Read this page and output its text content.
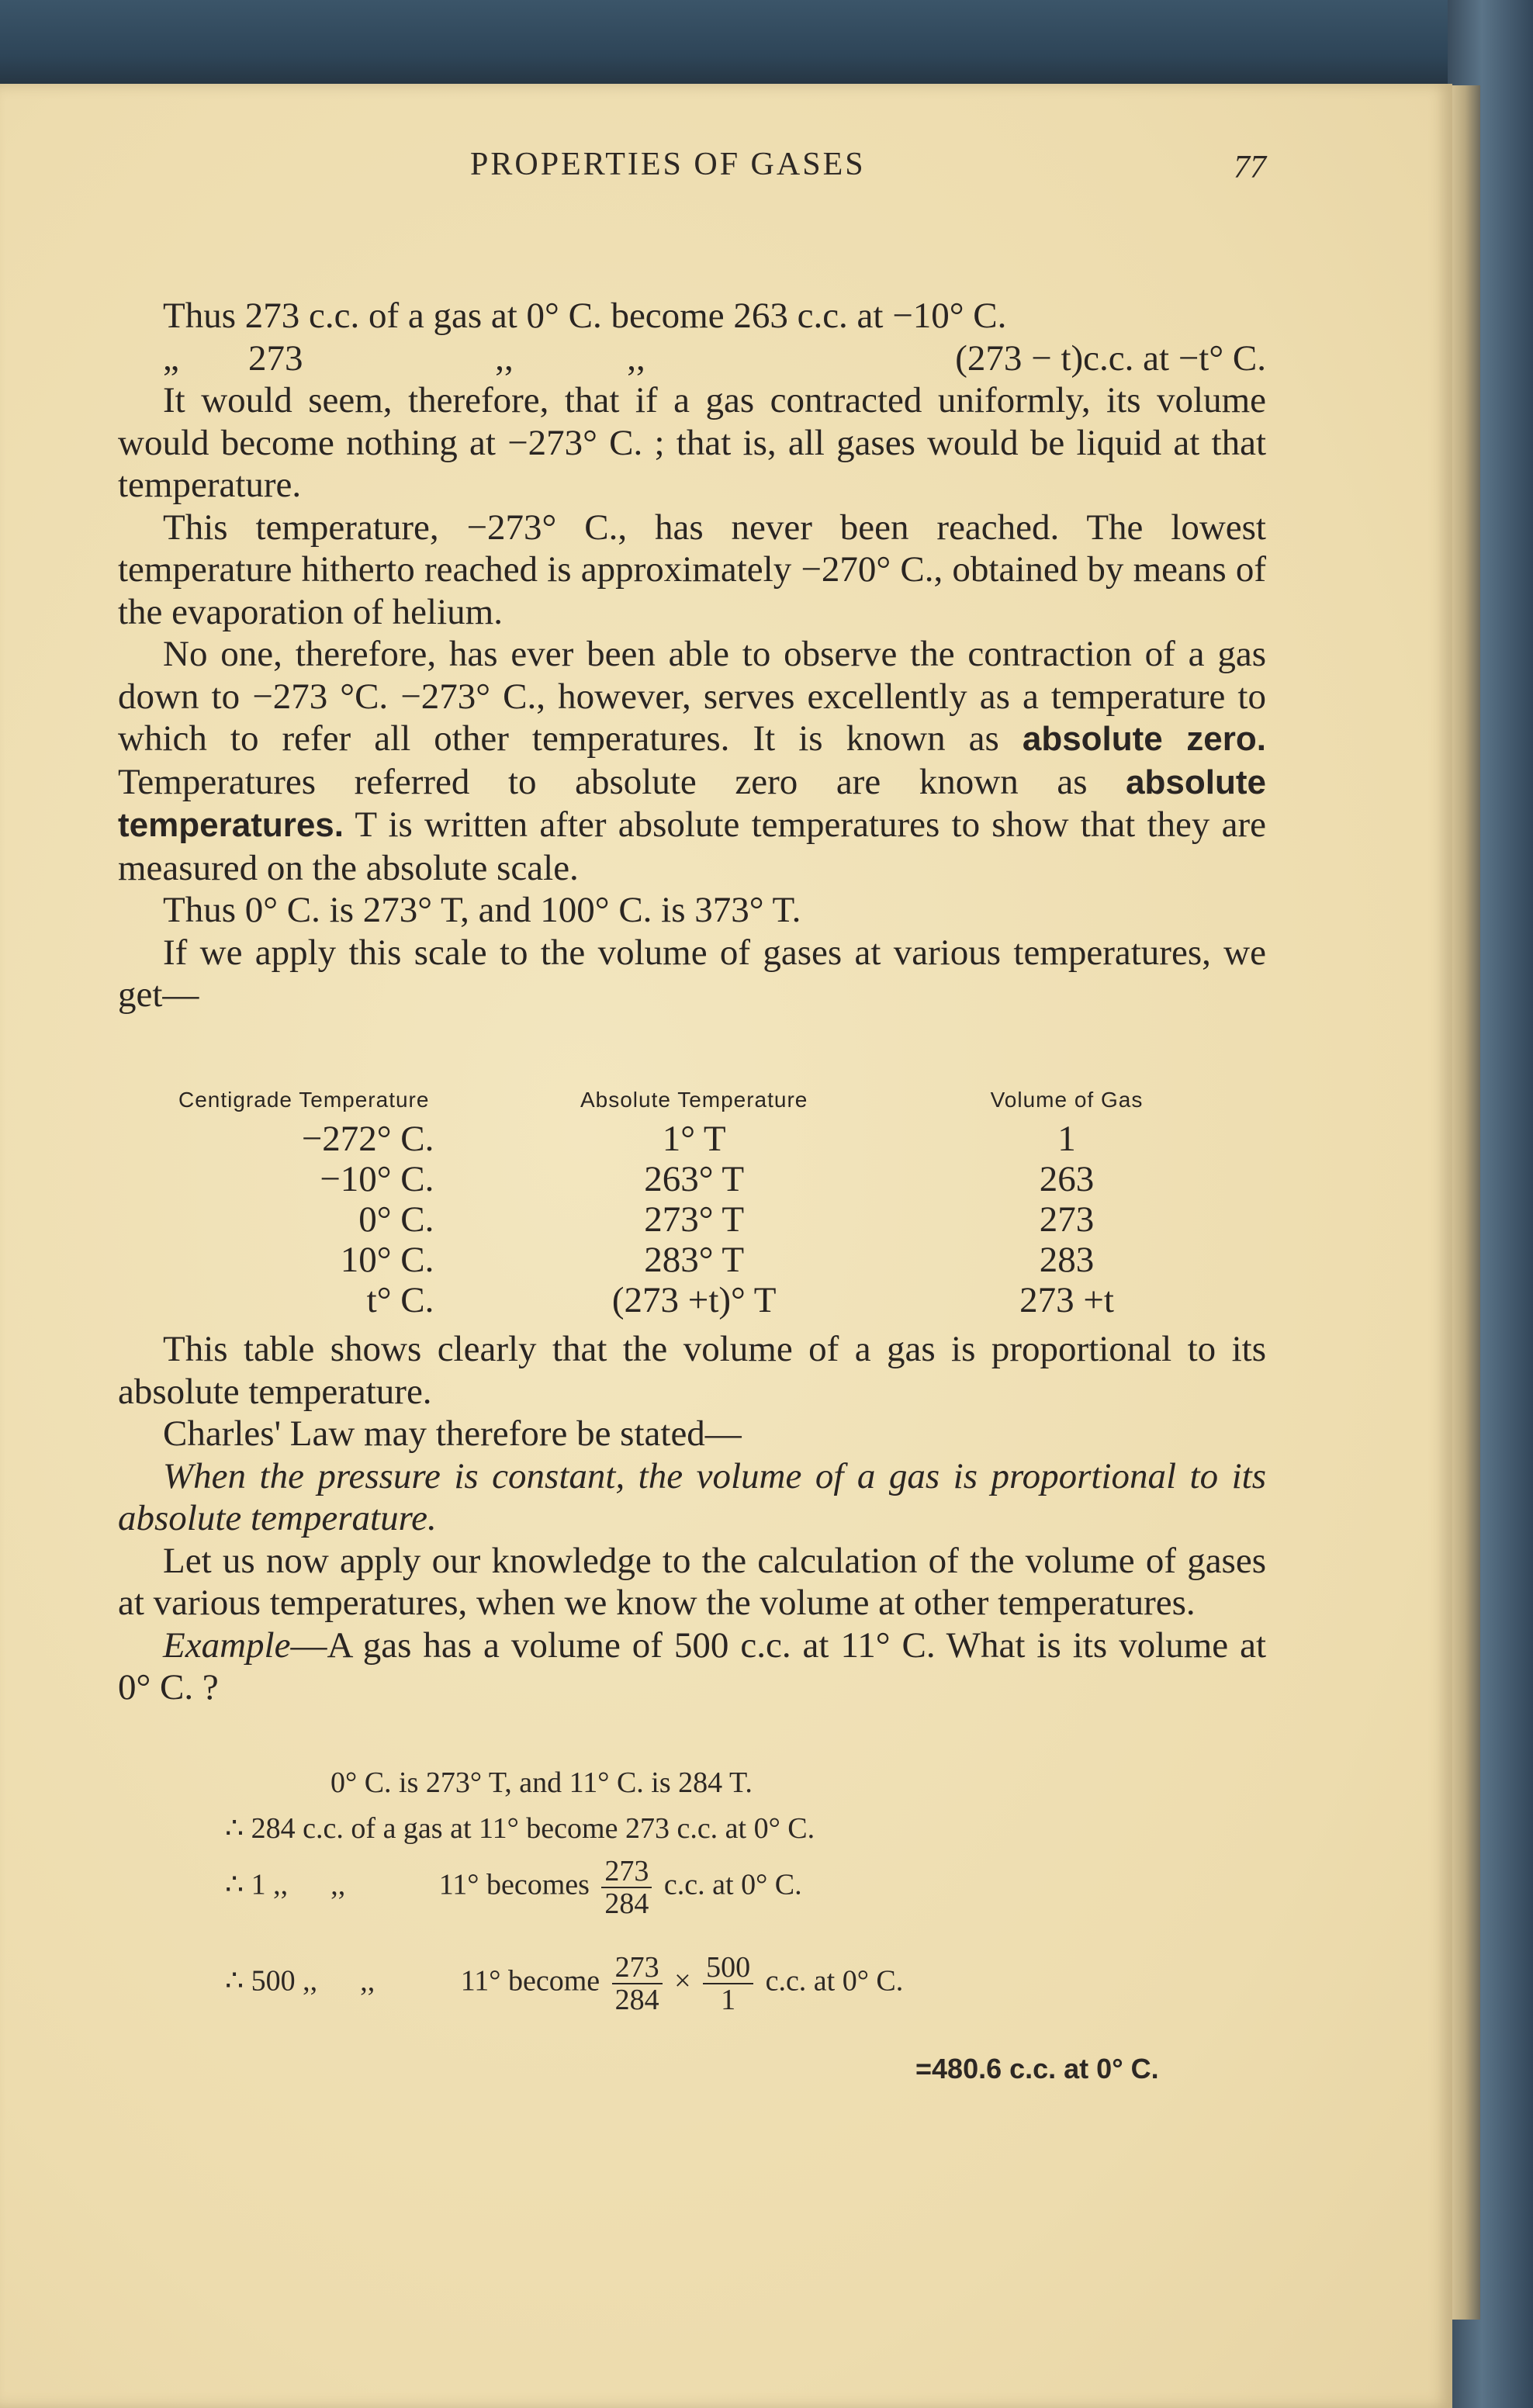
PROPERTIES OF GASES	77

Thus 273 c.c. of a gas at 0° C. become 263 c.c. at −10° C.

„	273	,,	,,	(273 − t)c.c. at −t° C.

It would seem, therefore, that if a gas contracted uniformly, its volume would become nothing at −273° C. ; that is, all gases would be liquid at that temperature.

This temperature, −273° C., has never been reached. The lowest temperature hitherto reached is approximately −270° C., obtained by means of the evaporation of helium.

No one, therefore, has ever been able to observe the contraction of a gas down to −273 °C. −273° C., however, serves excellently as a temperature to which to refer all other temperatures. It is known as absolute zero. Temperatures referred to absolute zero are known as absolute temperatures. T is written after absolute temperatures to show that they are measured on the absolute scale.

Thus 0° C. is 273° T, and 100° C. is 373° T.

If we apply this scale to the volume of gases at various temperatures, we get—

Centigrade Temperature	Absolute Temperature	Volume of Gas
−272° C.	1° T	1
−10° C.	263° T	263
0° C.	273° T	273
10° C.	283° T	283
t° C.	(273 +t)° T	273 +t

This table shows clearly that the volume of a gas is proportional to its absolute temperature.

Charles' Law may therefore be stated—

When the pressure is constant, the volume of a gas is proportional to its absolute temperature.

Let us now apply our knowledge to the calculation of the volume of gases at various temperatures, when we know the volume at other temperatures.

Example—A gas has a volume of 500 c.c. at 11° C. What is its volume at 0° C. ?

0° C. is 273° T, and 11° C. is 284 T.
∴ 284 c.c. of a gas at 11° become 273 c.c. at 0° C.
∴ 1 ,, ,,	11° becomes $\frac{273}{284} c.c$. at 0° C.
∴ 500 ,, ,,	11° become $\frac{273}{284} \times \frac{500}{1} c.c$. at 0° C.
=480.6 c.c. at 0° C.
